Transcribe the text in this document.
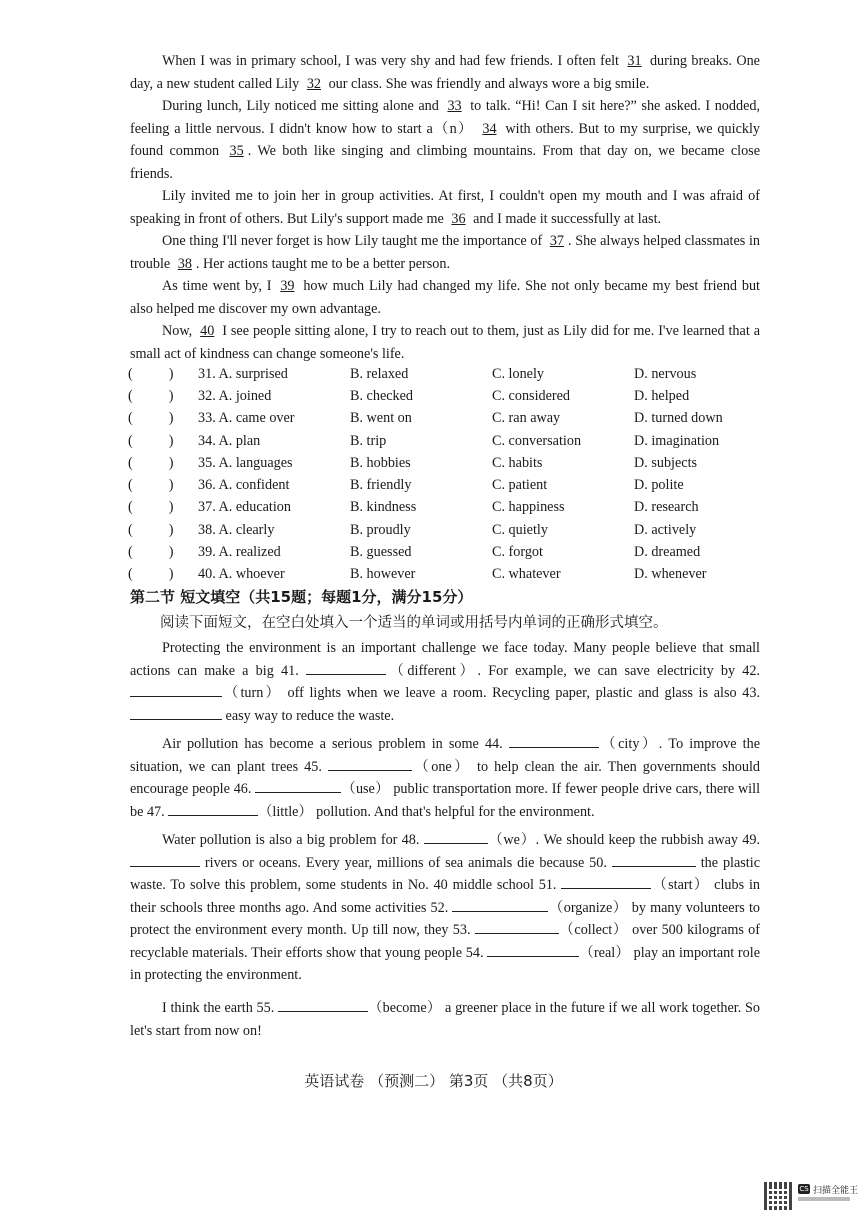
When I was in primary school, I was very shy and had few friends. I often felt 31 during breaks. One day, a new student called Lily 32 our class. She was friendly and always wore a big smile.

During lunch, Lily noticed me sitting alone and 33 to talk. “Hi! Can I sit here?” she asked. I nodded, feeling a little nervous. I didn't know how to start a（n） 34 with others. But to my surprise, we quickly found common 35 . We both like singing and climbing mountains. From that day on, we became close friends.

Lily invited me to join her in group activities. At first, I couldn't open my mouth and I was afraid of speaking in front of others. But Lily's support made me 36 and I made it successfully at last.

One thing I'll never forget is how Lily taught me the importance of 37 . She always helped classmates in trouble 38 . Her actions taught me to be a better person.

As time went by, I 39 how much Lily had changed my life. She not only became my best friend but also helped me discover my own advantage.

Now, 40 I see people sitting alone, I try to reach out to them, just as Lily did for me. I've learned that a small act of kindness can change someone's life.

( )	31. A. surprised	B. relaxed	C. lonely	D. nervous
( )	32. A. joined	B. checked	C. considered	D. helped
( )	33. A. came over	B. went on	C. ran away	D. turned down
( )	34. A. plan	B. trip	C. conversation	D. imagination
( )	35. A. languages	B. hobbies	C. habits	D. subjects
( )	36. A. confident	B. friendly	C. patient	D. polite
( )	37. A. education	B. kindness	C. happiness	D. research
( )	38. A. clearly	B. proudly	C. quietly	D. actively
( )	39. A. realized	B. guessed	C. forgot	D. dreamed
( )	40. A. whoever	B. however	C. whatever	D. whenever

第二节 短文填空（共15题；每题1分，满分15分）

阅读下面短文，在空白处填入一个适当的单词或用括号内单词的正确形式填空。

Protecting the environment is an important challenge we face today. Many people believe that small actions can make a big 41.	（different）. For example, we can save electricity by 42. （turn） off lights when we leave a room. Recycling paper, plastic and glass is also 43.  easy way to reduce the waste.

Air pollution has become a serious problem in some 44.	（city）. To improve the situation, we can plant trees 45.	（one） to help clean the air. Then governments should encourage people 46.	（use） public transportation more. If fewer people drive cars, there will be 47.	（little） pollution. And that's helpful for the environment.

Water pollution is also a big problem for 48.	（we）. We should keep the rubbish away 49.  rivers or oceans. Every year, millions of sea animals die because 50.	the plastic waste. To solve this problem, some students in No. 40 middle school 51.	（start） clubs in their schools three months ago. And some activities 52.	（organize） by many volunteers to protect the environment every month. Up till now, they 53.	（collect） over 500 kilograms of recyclable materials. Their efforts show that young people 54.	（real） play an important role in protecting the environment.

I think the earth 55.	（become） a greener place in the future if we all work together. So let's start from now on!

英语试卷 （预测二） 第3页 （共8页）
CS 扫描全能王
